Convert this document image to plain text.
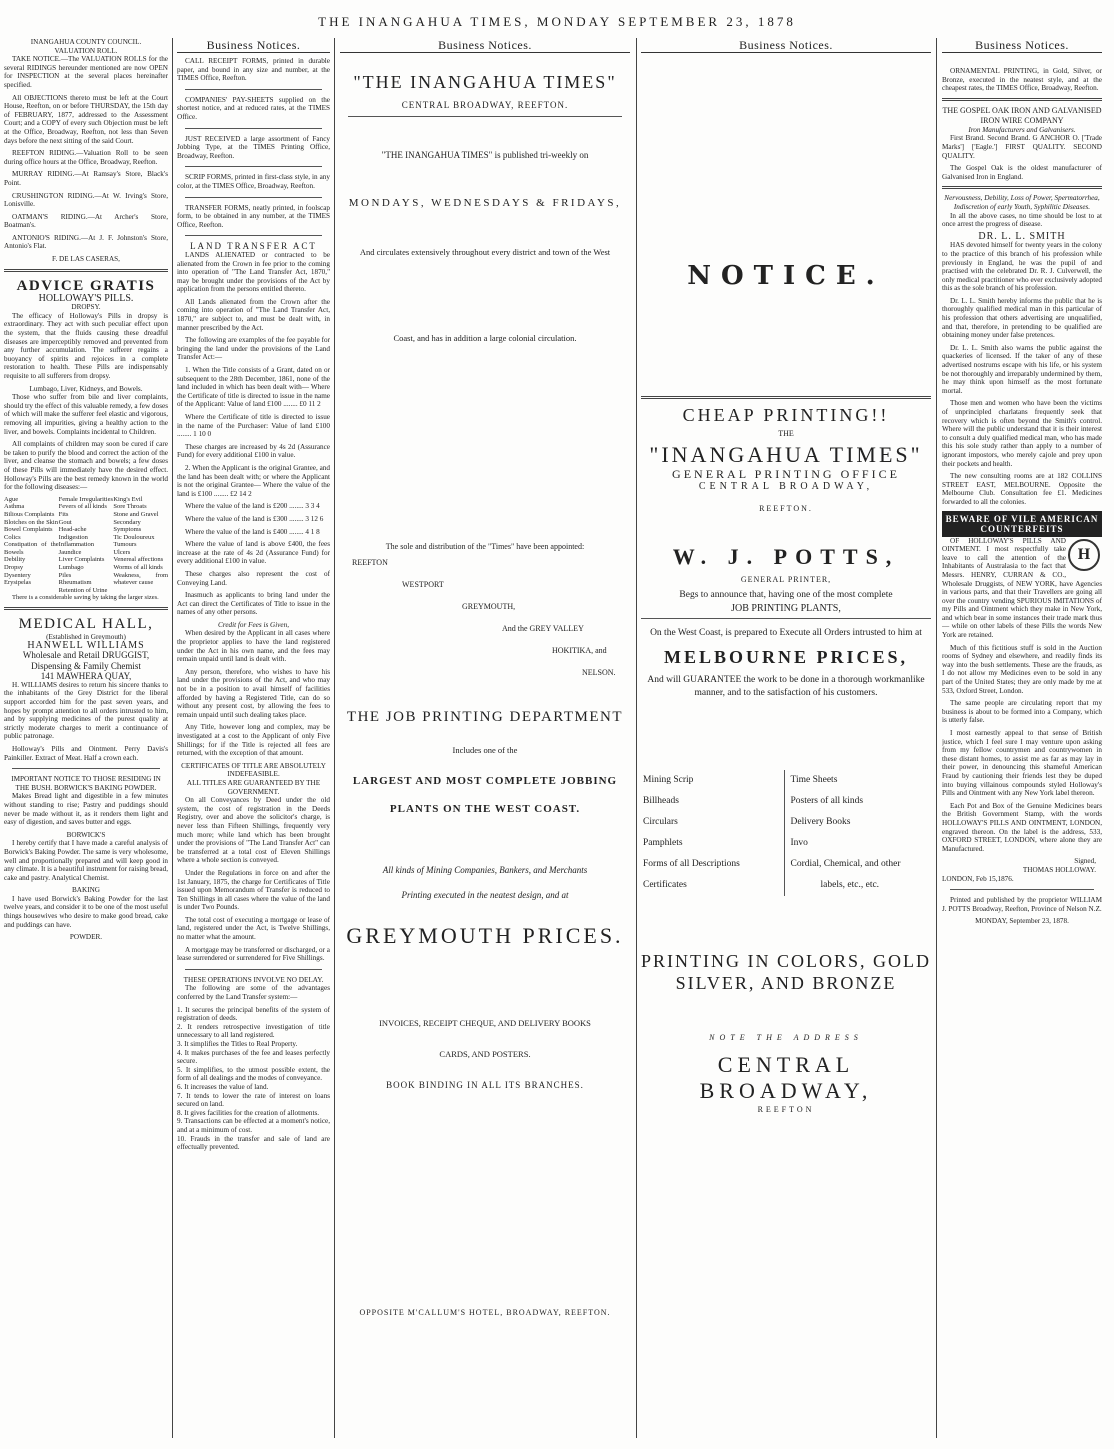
THE INANGAHUA TIMES, MONDAY SEPTEMBER 23, 1878
INANGAHUA COUNTY COUNCIL.
VALUATION ROLL.

TAKE NOTICE.—The VALUATION ROLLS for the several RIDINGS hereunder mentioned are now OPEN for INSPECTION at the several places hereinafter specified.

All OBJECTIONS thereto must be left at the Court House, Reefton, on or before THURSDAY, the 15th day of FEBRUARY, 1877, addressed to the Assessment Court; and a COPY of every such Objection must be left at the Office, Broadway, Reefton, not less than Seven days before the next sitting of the said Court.

REEFTON RIDING.—Valuation Roll to be seen during office hours at the Office, Broadway, Reefton.

MURRAY RIDING.—At Ramsay's Store, Black's Point.

CRUSHINGTON RIDING.—At W. Irving's Store, Lonisville.

OATMAN'S RIDING.—At Archer's Store, Boatman's.

ANTONIO'S RIDING.—At J. F. Johnston's Store, Antonio's Flat.

F. DE LAS CASERAS,
ADVICE GRATIS
HOLLOWAY'S PILLS.
DROPSY.

The efficacy of Holloway's Pills in dropsy is extraordinary. They act with such peculiar effect upon the system, that the fluids causing these dreadful diseases are imperceptibly removed and prevented from any further accumulation. The sufferer regains a buoyancy of spirits and rejoices in a complete restoration to health. These Pills are indispensably requisite to all sufferers from dropsy.

Lumbago, Liver, Kidneys, and Bowels.

Those who suffer from bile and liver complaints, should try the effect of this valuable remedy, a few doses of which will make the sufferer feel elastic and vigorous, removing all impurities, giving a healthy action to the liver, and bowels. Complaints incidental to Children.

All complaints of children may soon be cured if care be taken to purify the blood and correct the action of the liver, and cleanse the stomach and bowels; a few doses of these Pills will immediately have the desired effect. Holloway's Pills are the best remedy known in the world for the following diseases:—

Ague
Asthma
Bilious Complaints
Blotches on the Skin
Bowel Complaints
Colics
Constipation of the Bowels
Debility
Dropsy
Dysentery
Erysipelas
Female Irregularities
Fevers of all kinds
Fits
Gout
Head-ache
Indigestion
Inflammation
Jaundice
Liver Complaints
Lumbago
Piles
Rheumatism
Retention of Urine
King's Evil
Sore Throats
Stone and Gravel
Secondary Symptoms
Tic Douloureux
Tumours
Ulcers
Venereal affections
Worms of all kinds
Weakness, from whatever cause

There is a considerable saving by taking the larger sizes.

MEDICAL HALL,
(Established in Greymouth)
HANWELL WILLIAMS
Wholesale and Retail DRUGGIST, Dispensing & Family Chemist
141 MAWHERA QUAY,

H. WILLIAMS desires to return his sincere thanks to the inhabitants of the Grey District for the liberal support accorded him for the past seven years, and hopes by prompt attention to all orders intrusted to him, and by supplying medicines of the purest quality at strictly moderate charges to merit a continuance of public patronage.

Holloway's Pills and Ointment. Perry Davis's Painkiller. Extract of Meat. Half a crown each.

IMPORTANT NOTICE TO THOSE RESIDING IN THE BUSH. BORWICK'S BAKING POWDER.

Makes Bread light and digestible in a few minutes without standing to rise; Pastry and puddings should never be made without it, as it renders them light and easy of digestion, and saves butter and eggs.

BORWICK'S

I hereby certify that I have made a careful analysis of Borwick's Baking Powder. The same is very wholesome, well and proportionally prepared and will keep good in any climate. It is a beautiful instrument for raising bread, cake and pastry. Analytical Chemist.

BAKING

I have used Borwick's Baking Powder for the last twelve years, and consider it to be one of the most useful things housewives who desire to make good bread, cake and puddings can have.

POWDER.
Business Notices.

CALL RECEIPT FORMS, printed in durable paper, and bound in any size and number, at the TIMES Office, Reefton.

COMPANIES' PAY-SHEETS supplied on the shortest notice, and at reduced rates, at the TIMES Office.

JUST RECEIVED a large assortment of Fancy Jobbing Type, at the TIMES Printing Office, Broadway, Reefton.

SCRIP FORMS, printed in first-class style, in any color, at the TIMES Office, Broadway, Reefton.

TRANSFER FORMS, neatly printed, in foolscap form, to be obtained in any number, at the TIMES Office, Reefton.

LAND TRANSFER ACT

LANDS ALIENATED or contracted to be alienated from the Crown in fee prior to the coming into operation of "The Land Transfer Act, 1870," may be brought under the provisions of the Act by application from the persons entitled thereto.

All Lands alienated from the Crown after the coming into operation of "The Land Transfer Act, 1870," are subject to, and must be dealt with, in manner prescribed by the Act.

The following are examples of the fee payable for bringing the land under the provisions of the Land Transfer Act:—

1. When the Title consists of a Grant, dated on or subsequent to the 28th December, 1861, none of the land included in which has been dealt with— Where the Certificate of title is directed to issue in the name of the Applicant: Value of land £100 ........ £0 11 2

Where the Certificate of title is directed to issue in the name of the Purchaser: Value of land £100 ........ 1 10 0

These charges are increased by 4s 2d (Assurance Fund) for every additional £100 in value.

2. When the Applicant is the original Grantee, and the land has been dealt with; or where the Applicant is not the original Grantee— Where the value of the land is £100 ........ £2 14 2

Where the value of the land is £200 ........ 3 3 4

Where the value of the land is £300 ........ 3 12 6

Where the value of the land is £400 ........ 4 1 8

Where the value of land is above £400, the fees increase at the rate of 4s 2d (Assurance Fund) for every additional £100 in value.

These charges also represent the cost of Conveying Land.

Inasmuch as applicants to bring land under the Act can direct the Certificates of Title to issue in the names of any other persons.

Credit for Fees is Given,

When desired by the Applicant in all cases where the proprietor applies to have the land registered under the Act in his own name, and the fees may remain unpaid until land is dealt with.

Any person, therefore, who wishes to have his land under the provisions of the Act, and who may not be in a position to avail himself of facilities afforded by having a Registered Title, can do so without any present cost, by allowing the fees to remain unpaid until such dealing takes place.

Any Title, however long and complex, may be investigated at a cost to the Applicant of only Five Shillings; for if the Title is rejected all fees are returned, with the exception of that amount.

CERTIFICATES OF TITLE ARE ABSOLUTELY INDEFEASIBLE.
ALL TITLES ARE GUARANTEED BY THE GOVERNMENT.

On all Conveyances by Deed under the old system, the cost of registration in the Deeds Registry, over and above the solicitor's charge, is never less than Fifteen Shillings, frequently very much more; while land which has been brought under the provisions of "The Land Transfer Act" can be transferred at a total cost of Eleven Shillings where a whole section is conveyed.

Under the Regulations in force on and after the 1st January, 1875, the charge for Certificates of Title issued upon Memorandum of Transfer is reduced to Ten Shillings in all cases where the value of the land is under Two Pounds.

The total cost of executing a mortgage or lease of land, registered under the Act, is Twelve Shillings, no matter what the amount.

A mortgage may be transferred or discharged, or a lease surrendered or surrendered for Five Shillings.

THESE OPERATIONS INVOLVE NO DELAY.

The following are some of the advantages conferred by the Land Transfer system:—

1. It secures the principal benefits of the system of registration of deeds.
2. It renders retrospective investigation of title unnecessary to all land registered.
3. It simplifies the Titles to Real Property.
4. It makes purchases of the fee and leases perfectly secure.
5. It simplifies, to the utmost possible extent, the form of all dealings and the modes of conveyance.
6. It increases the value of land.
7. It tends to lower the rate of interest on loans secured on land.
8. It gives facilities for the creation of allotments.
9. Transactions can be effected at a moment's notice, and at a minimum of cost.
10. Frauds in the transfer and sale of land are effectually prevented.
Business Notices.
"THE INANGAHUA TIMES"
CENTRAL BROADWAY, REEFTON.
"THE INANGAHUA TIMES" is published tri-weekly on
MONDAYS, WEDNESDAYS & FRIDAYS,
And circulates extensively throughout every district and town of the West
Coast, and has in addition a large colonial circulation.
The sole and distribution of the "Times" have been appointed:
REEFTON
WESTPORT
GREYMOUTH,
And the GREY VALLEY
HOKITIKA, and
NELSON.
THE JOB PRINTING DEPARTMENT
Includes one of the
LARGEST AND MOST COMPLETE JOBBING
PLANTS ON THE WEST COAST.
All kinds of Mining Companies, Bankers, and Merchants
Printing executed in the neatest design, and at
GREYMOUTH PRICES.
INVOICES, RECEIPT CHEQUE, AND DELIVERY BOOKS
CARDS, AND POSTERS.
BOOK BINDING IN ALL ITS BRANCHES.
OPPOSITE M'CALLUM'S HOTEL, BROADWAY, REEFTON.
Business Notices.
NOTICE.
CHEAP PRINTING!!
THE
"INANGAHUA TIMES"
GENERAL PRINTING OFFICE
CENTRAL BROADWAY,
REEFTON.
W. J. POTTS,
GENERAL PRINTER,
Begs to announce that, having one of the most complete
JOB PRINTING PLANTS,
On the West Coast, is prepared to Execute all Orders intrusted to him at
MELBOURNE PRICES,
And will GUARANTEE the work to be done in a thorough workmanlike manner, and to the satisfaction of his customers.
Mining Scrip
Billheads
Circulars
Pamphlets
Forms of all Descriptions
Certificates
Time Sheets
Posters of all kinds
Delivery Books
Invo
Cordial, Chemical, and other
labels, etc., etc.
PRINTING IN COLORS, GOLD SILVER, AND BRONZE
NOTE THE ADDRESS
CENTRAL BROADWAY,
REEFTON
Business Notices.

ORNAMENTAL PRINTING, in Gold, Silver, or Bronze, executed in the neatest style, and at the cheapest rates, the TIMES Office, Broadway, Reefton.

THE GOSPEL OAK IRON AND GALVANISED IRON WIRE COMPANY
Iron Manufacturers and Galvanisers.

First Brand. Second Brand. G ANCHOR O. ['Trade Marks'] ['Eagle.'] FIRST QUALITY. SECOND QUALITY.

The Gospel Oak is the oldest manufacturer of Galvanised Iron in England.

Nervousness, Debility, Loss of Power, Spermatorrhea, Indiscretion of early Youth, Syphilitic Diseases.

In all the above cases, no time should be lost to at once arrest the progress of disease.

DR. L. L. SMITH

HAS devoted himself for twenty years in the colony to the practice of this branch of his profession while previously in England, he was the pupil of and practised with the celebrated Dr. R. J. Culverwell, the only medical practitioner who ever exclusively adopted this as the sole branch of his profession.

Dr. L. L. Smith hereby informs the public that he is thoroughly qualified medical man in this particular of his profession that others advertising are unqualified, and that, therefore, in pretending to be qualified are obtaining money under false pretences.

Dr. L. L. Smith also warns the public against the quackeries of licensed. If the taker of any of these advertised nostrums escape with his life, or his system be not thoroughly and irreparably undermined by them, he may think upon himself as the most fortunate mortal.

Those men and women who have been the victims of unprincipled charlatans frequently seek that recovery which is often beyond the Smith's control. Where will the public understand that it is their interest to consult a duly qualified medical man, who has made this his sole study rather than apply to a number of ignorant impostors, who merely cajole and prey upon their pockets and health.

The new consulting rooms are at 182 COLLINS STREET EAST, MELBOURNE. Opposite the Melbourne Club. Consultation fee £1. Medicines forwarded to all the colonies.

BEWARE OF VILE AMERICAN COUNTERFEITS
H

OF HOLLOWAY'S PILLS AND OINTMENT. I most respectfully take leave to call the attention of the Inhabitants of Australasia to the fact that Messrs. HENRY, CURRAN & CO., Wholesale Druggists, of NEW YORK, have Agencies in various parts, and that their Travellers are going all over the country vending SPURIOUS IMITATIONS of my Pills and Ointment which they make in New York, and which bear in some instances their trade mark thus— while on other labels of these Pills the words New York are retained.

Much of this fictitious stuff is sold in the Auction rooms of Sydney and elsewhere, and readily finds its way into the bush settlements. These are the frauds, as I do not allow my Medicines even to be sold in any part of the United States; they are only made by me at 533, Oxford Street, London.

The same people are circulating report that my business is about to be formed into a Company, which is utterly false.

I most earnestly appeal to that sense of British justice, which I feel sure I may venture upon asking from my fellow countrymen and countrywomen in these distant homes, to assist me as far as may lay in their power, in denouncing this shameful American Fraud by cautioning their friends lest they be duped into buying villainous compounds styled Holloway's Pills and Ointment with any New York label thereon.

Each Pot and Box of the Genuine Medicines bears the British Government Stamp, with the words HOLLOWAY'S PILLS AND OINTMENT, LONDON, engraved thereon. On the label is the address, 533, OXFORD STREET, LONDON, where alone they are Manufactured.

Signed,
THOMAS HOLLOWAY.
LONDON, Feb 15,1876.

Printed and published by the proprietor WILLIAM J. POTTS Broadway, Reefton, Province of Nelson N.Z.

MONDAY, September 23, 1878.
